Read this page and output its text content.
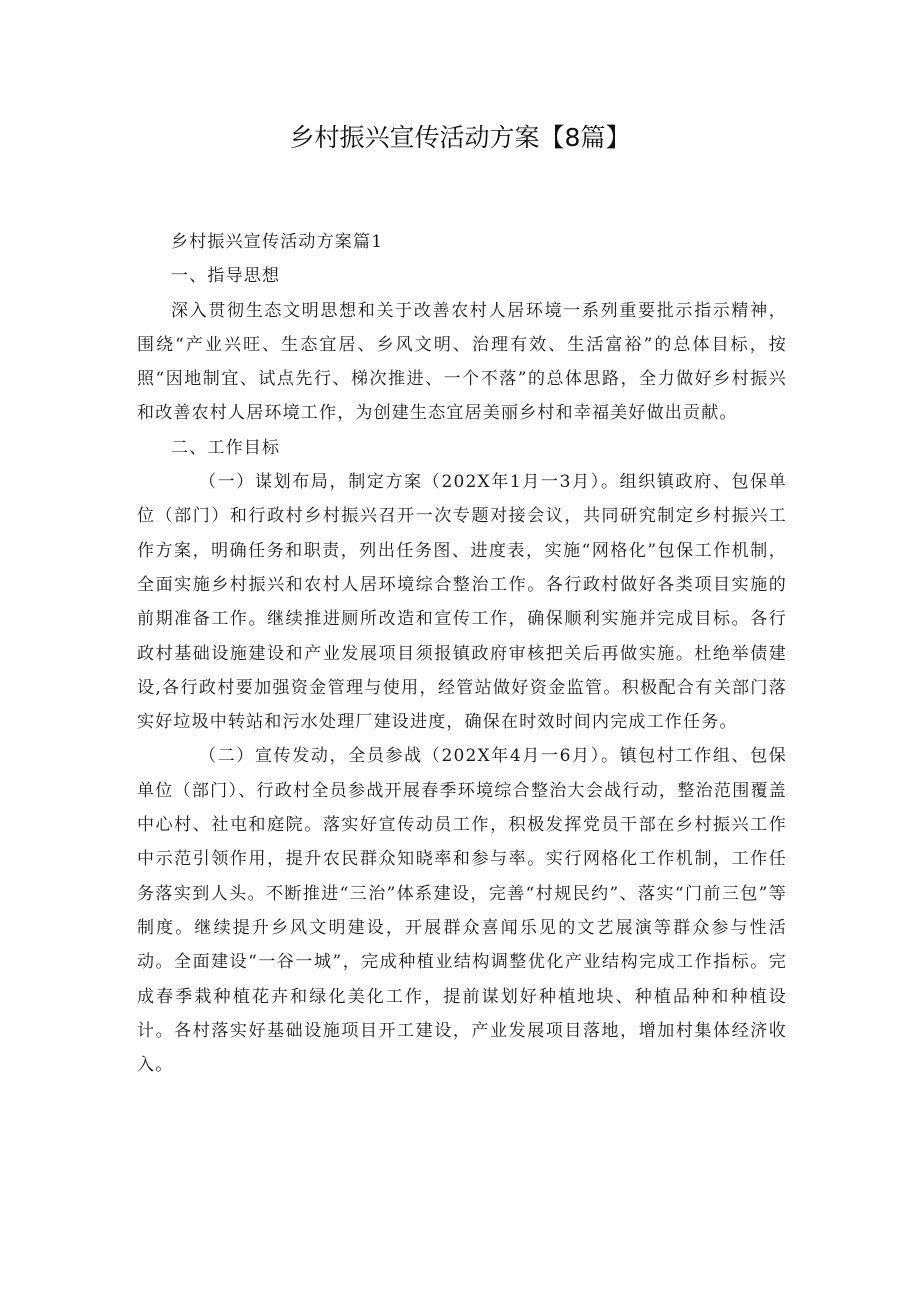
乡村振兴宣传活动方案【8篇】

乡村振兴宣传活动方案篇1

一、指导思想

深入贯彻生态文明思想和关于改善农村人居环境一系列重要批示指示精神，围绕“产业兴旺、生态宜居、乡风文明、治理有效、生活富裕”的总体目标，按照“因地制宜、试点先行、梯次推进、一个不落”的总体思路，全力做好乡村振兴和改善农村人居环境工作，为创建生态宜居美丽乡村和幸福美好做出贡献。

二、工作目标

（一）谋划布局，制定方案（202X年1月一3月）。组织镇政府、包保单位（部门）和行政村乡村振兴召开一次专题对接会议，共同研究制定乡村振兴工作方案，明确任务和职责，列出任务图、进度表，实施“网格化”包保工作机制，全面实施乡村振兴和农村人居环境综合整治工作。各行政村做好各类项目实施的前期准备工作。继续推进厕所改造和宣传工作，确保顺利实施并完成目标。各行政村基础设施建设和产业发展项目须报镇政府审核把关后再做实施。杜绝举债建设,各行政村要加强资金管理与使用，经管站做好资金监管。积极配合有关部门落实好垃圾中转站和污水处理厂建设进度，确保在时效时间内完成工作任务。

（二）宣传发动，全员参战（202X年4月一6月）。镇包村工作组、包保单位（部门）、行政村全员参战开展春季环境综合整治大会战行动，整治范围覆盖中心村、社屯和庭院。落实好宣传动员工作，积极发挥党员干部在乡村振兴工作中示范引领作用，提升农民群众知晓率和参与率。实行网格化工作机制，工作任务落实到人头。不断推进“三治”体系建设，完善“村规民约”、落实“门前三包”等制度。继续提升乡风文明建设，开展群众喜闻乐见的文艺展演等群众参与性活动。全面建设“一谷一城”，完成种植业结构调整优化产业结构完成工作指标。完成春季栽种植花卉和绿化美化工作，提前谋划好种植地块、种植品种和种植设计。各村落实好基础设施项目开工建设，产业发展项目落地，增加村集体经济收入。
